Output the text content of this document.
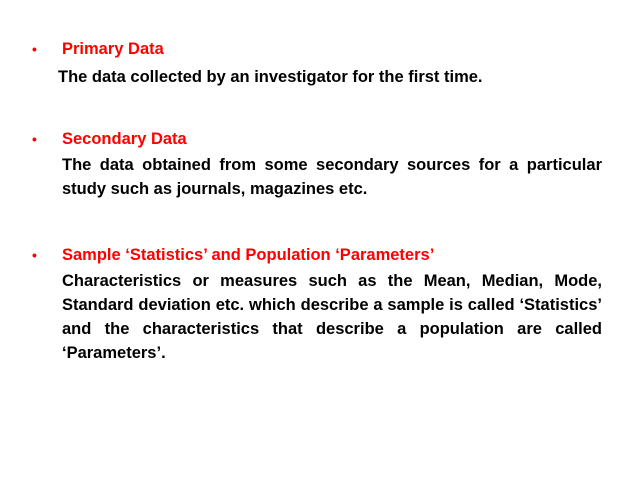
•	Primary Data
The data collected by an investigator for the first time.
•	Secondary Data
The data obtained from some secondary sources for a particular study such as journals, magazines etc.
•	Sample ‘Statistics’ and Population ‘Parameters’
Characteristics or measures such as the Mean, Median, Mode, Standard deviation etc. which describe a sample is called ‘Statistics’ and the characteristics that describe a population are called ‘Parameters’.
